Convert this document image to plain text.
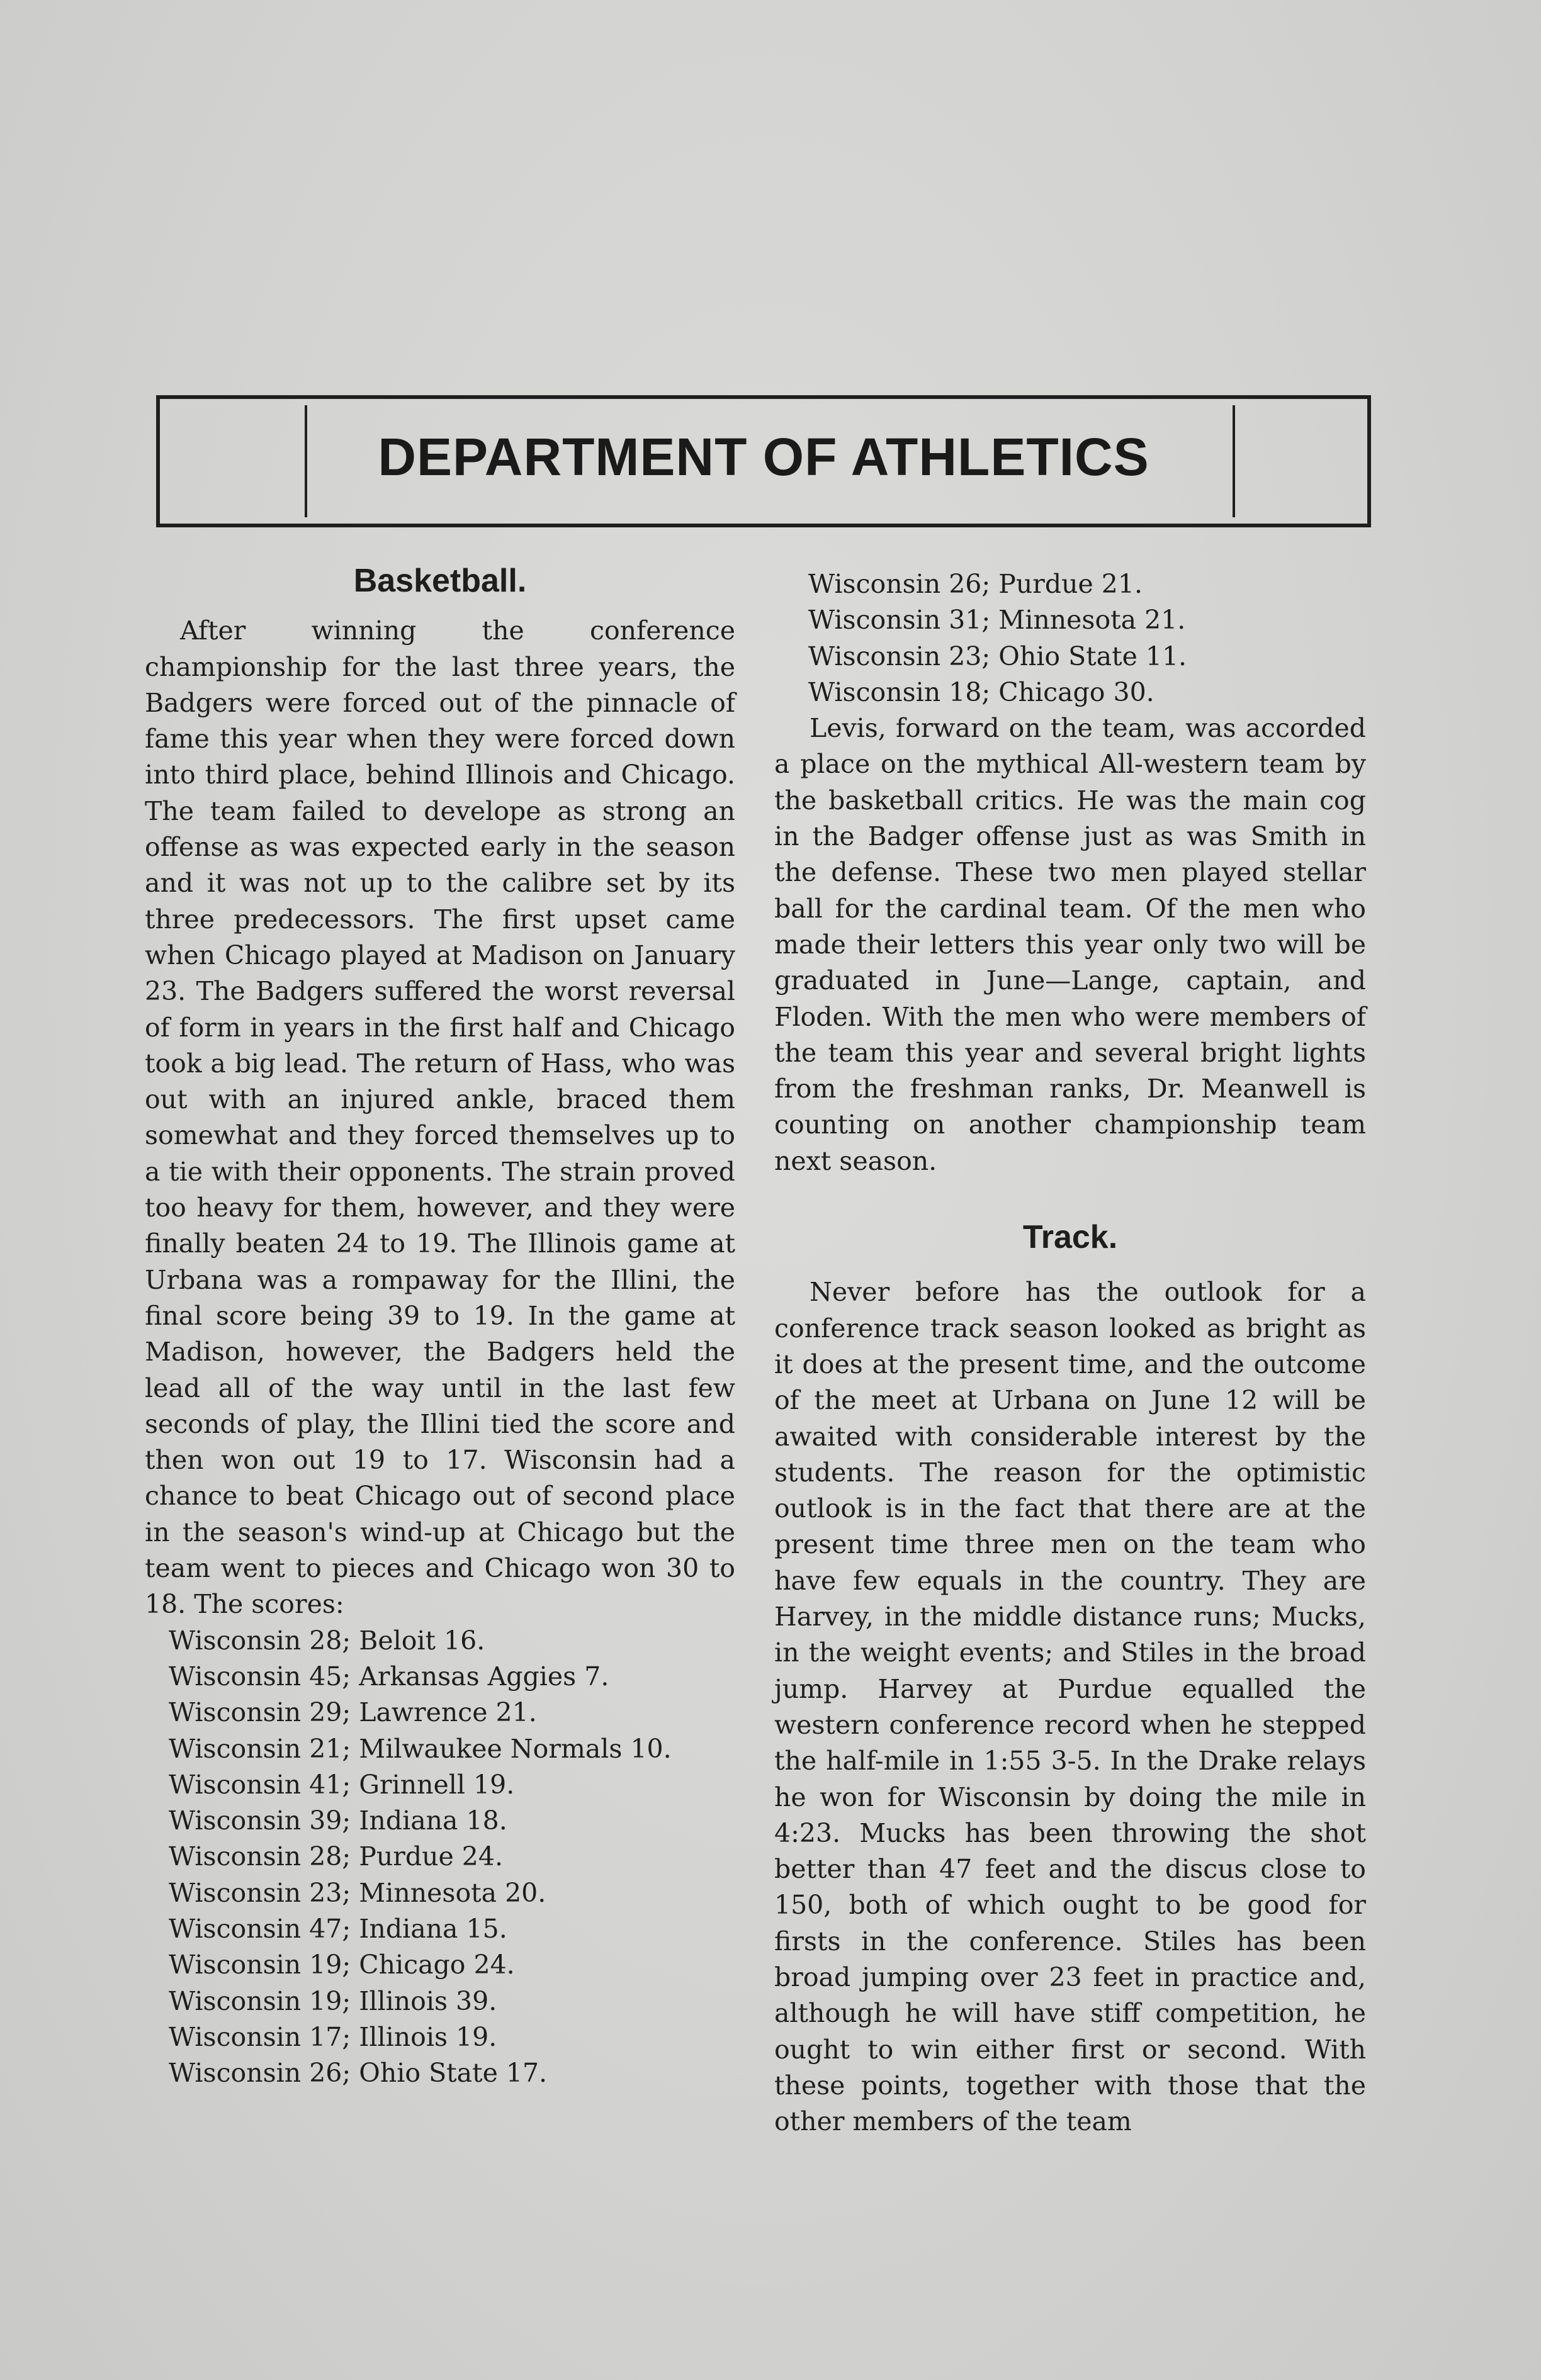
DEPARTMENT OF ATHLETICS
Basketball.

After winning the conference championship for the last three years, the Badgers were forced out of the pinnacle of fame this year when they were forced down into third place, behind Illinois and Chicago. The team failed to develope as strong an offense as was expected early in the season and it was not up to the calibre set by its three predecessors. The first upset came when Chicago played at Madison on January 23. The Badgers suffered the worst reversal of form in years in the first half and Chicago took a big lead. The return of Hass, who was out with an injured ankle, braced them somewhat and they forced themselves up to a tie with their opponents. The strain proved too heavy for them, however, and they were finally beaten 24 to 19. The Illinois game at Urbana was a rompaway for the Illini, the final score being 39 to 19. In the game at Madison, however, the Badgers held the lead all of the way until in the last few seconds of play, the Illini tied the score and then won out 19 to 17. Wisconsin had a chance to beat Chicago out of second place in the season's wind-up at Chicago but the team went to pieces and Chicago won 30 to 18. The scores:

Wisconsin 28; Beloit 16.
Wisconsin 45; Arkansas Aggies 7.
Wisconsin 29; Lawrence 21.
Wisconsin 21; Milwaukee Normals 10.
Wisconsin 41; Grinnell 19.
Wisconsin 39; Indiana 18.
Wisconsin 28; Purdue 24.
Wisconsin 23; Minnesota 20.
Wisconsin 47; Indiana 15.
Wisconsin 19; Chicago 24.
Wisconsin 19; Illinois 39.
Wisconsin 17; Illinois 19.
Wisconsin 26; Ohio State 17.
Wisconsin 26; Purdue 21.
Wisconsin 31; Minnesota 21.
Wisconsin 23; Ohio State 11.
Wisconsin 18; Chicago 30.

Levis, forward on the team, was accorded a place on the mythical All-western team by the basketball critics. He was the main cog in the Badger offense just as was Smith in the defense. These two men played stellar ball for the cardinal team. Of the men who made their letters this year only two will be graduated in June—Lange, captain, and Floden. With the men who were members of the team this year and several bright lights from the freshman ranks, Dr. Meanwell is counting on another championship team next season.

Track.

Never before has the outlook for a conference track season looked as bright as it does at the present time, and the outcome of the meet at Urbana on June 12 will be awaited with considerable interest by the students. The reason for the optimistic outlook is in the fact that there are at the present time three men on the team who have few equals in the country. They are Harvey, in the middle distance runs; Mucks, in the weight events; and Stiles in the broad jump. Harvey at Purdue equalled the western conference record when he stepped the half-mile in 1:55 3-5. In the Drake relays he won for Wisconsin by doing the mile in 4:23. Mucks has been throwing the shot better than 47 feet and the discus close to 150, both of which ought to be good for firsts in the conference. Stiles has been broad jumping over 23 feet in practice and, although he will have stiff competition, he ought to win either first or second. With these points, together with those that the other members of the team
